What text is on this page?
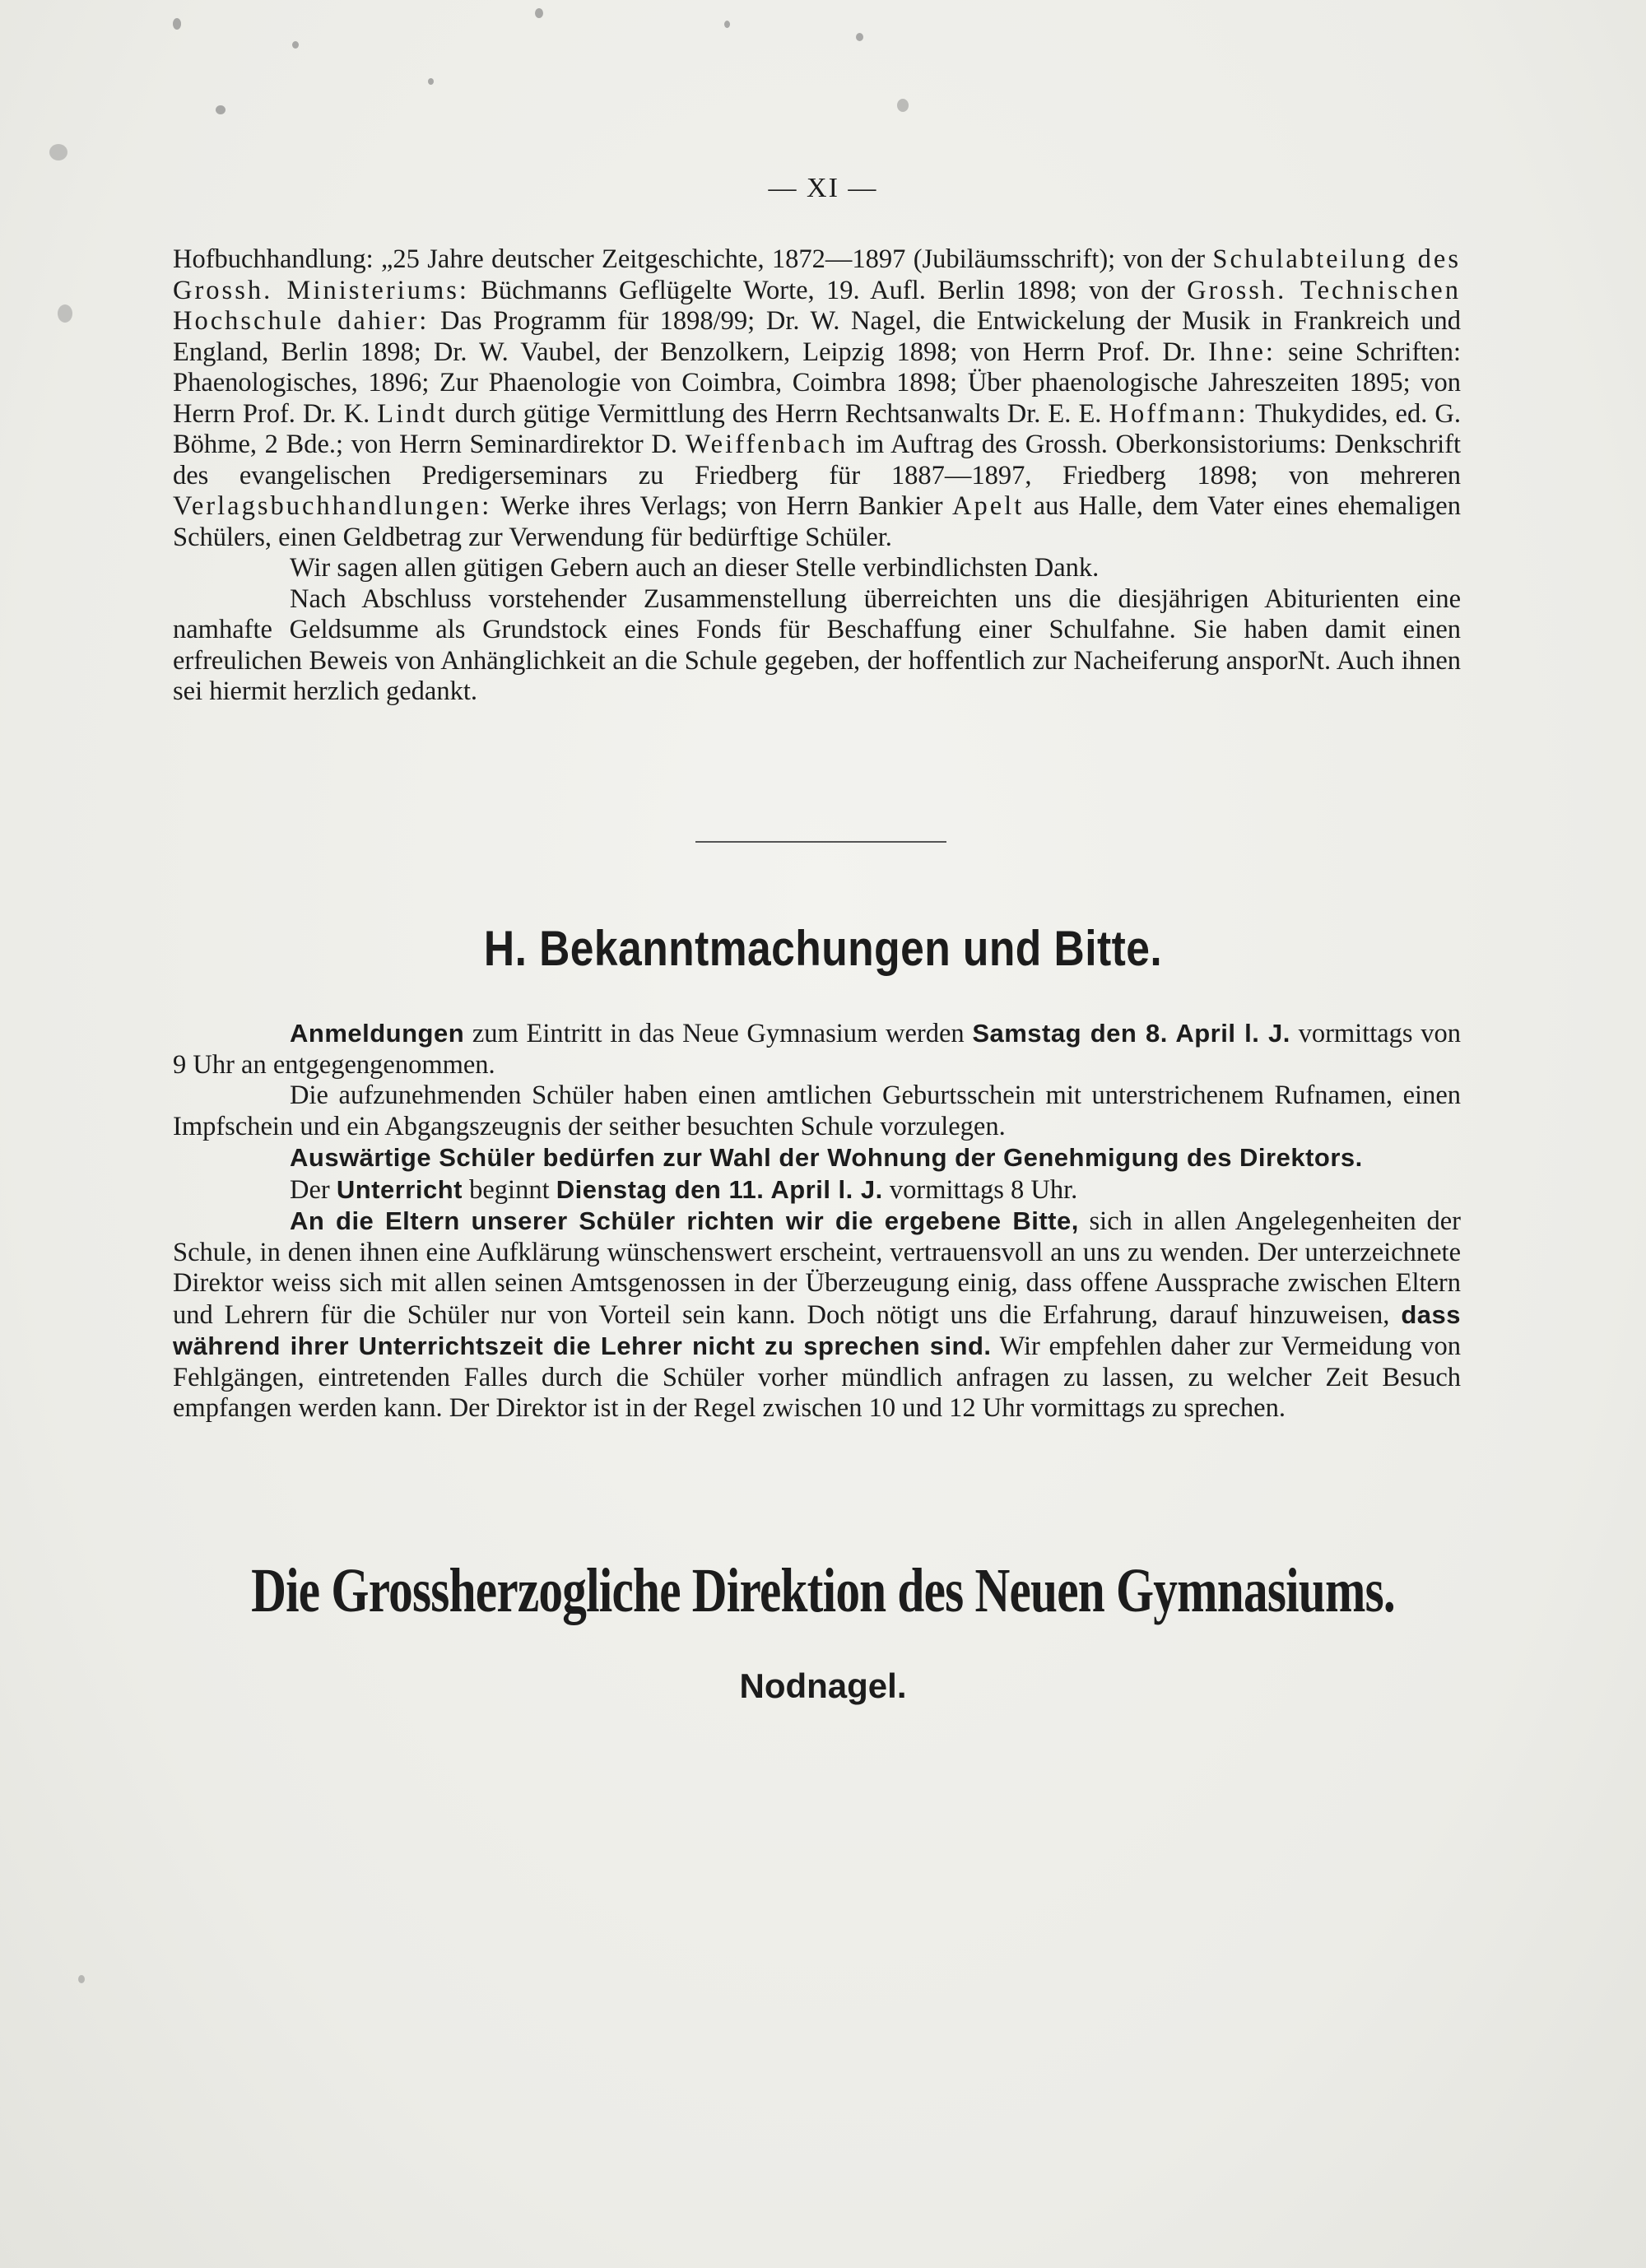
— XI —

Hofbuchhandlung: „25 Jahre deutscher Zeitgeschichte, 1872—1897 (Jubiläumsschrift); von der Schulabteilung des Grossh. Ministeriums: Büchmanns Geflügelte Worte, 19. Aufl. Berlin 1898; von der Grossh. Technischen Hochschule dahier: Das Programm für 1898/99; Dr. W. Nagel, die Entwickelung der Musik in Frankreich und England, Berlin 1898; Dr. W. Vaubel, der Benzolkern, Leipzig 1898; von Herrn Prof. Dr. Ihne: seine Schriften: Phaenologisches, 1896; Zur Phaenologie von Coimbra, Coimbra 1898; Über phaenologische Jahreszeiten 1895; von Herrn Prof. Dr. K. Lindt durch gütige Vermittlung des Herrn Rechtsanwalts Dr. E. E. Hoffmann: Thukydides, ed. G. Böhme, 2 Bde.; von Herrn Seminardirektor D. Weiffenbach im Auftrag des Grossh. Oberkonsistoriums: Denkschrift des evangelischen Predigerseminars zu Friedberg für 1887—1897, Friedberg 1898; von mehreren Verlagsbuchhandlungen: Werke ihres Verlags; von Herrn Bankier Apelt aus Halle, dem Vater eines ehemaligen Schülers, einen Geldbetrag zur Verwendung für bedürftige Schüler.

Wir sagen allen gütigen Gebern auch an dieser Stelle verbindlichsten Dank.

Nach Abschluss vorstehender Zusammenstellung überreichten uns die diesjährigen Abiturienten eine namhafte Geldsumme als Grundstock eines Fonds für Beschaffung einer Schulfahne. Sie haben damit einen erfreulichen Beweis von Anhänglichkeit an die Schule gegeben, der hoffentlich zur Nacheiferung ansporNt. Auch ihnen sei hiermit herzlich gedankt.

H. Bekanntmachungen und Bitte.

Anmeldungen zum Eintritt in das Neue Gymnasium werden Samstag den 8. April l. J. vormittags von 9 Uhr an entgegengenommen.

Die aufzunehmenden Schüler haben einen amtlichen Geburtsschein mit unterstrichenem Rufnamen, einen Impfschein und ein Abgangszeugnis der seither besuchten Schule vorzulegen.

Auswärtige Schüler bedürfen zur Wahl der Wohnung der Genehmigung des Direktors.

Der Unterricht beginnt Dienstag den 11. April l. J. vormittags 8 Uhr.

An die Eltern unserer Schüler richten wir die ergebene Bitte, sich in allen Angelegenheiten der Schule, in denen ihnen eine Aufklärung wünschenswert erscheint, vertrauensvoll an uns zu wenden. Der unterzeichnete Direktor weiss sich mit allen seinen Amtsgenossen in der Überzeugung einig, dass offene Aussprache zwischen Eltern und Lehrern für die Schüler nur von Vorteil sein kann. Doch nötigt uns die Erfahrung, darauf hinzuweisen, dass während ihrer Unterrichtszeit die Lehrer nicht zu sprechen sind. Wir empfehlen daher zur Vermeidung von Fehlgängen, eintretenden Falles durch die Schüler vorher mündlich anfragen zu lassen, zu welcher Zeit Besuch empfangen werden kann. Der Direktor ist in der Regel zwischen 10 und 12 Uhr vormittags zu sprechen.

Die Grossherzogliche Direktion des Neuen Gymnasiums.
Nodnagel.
